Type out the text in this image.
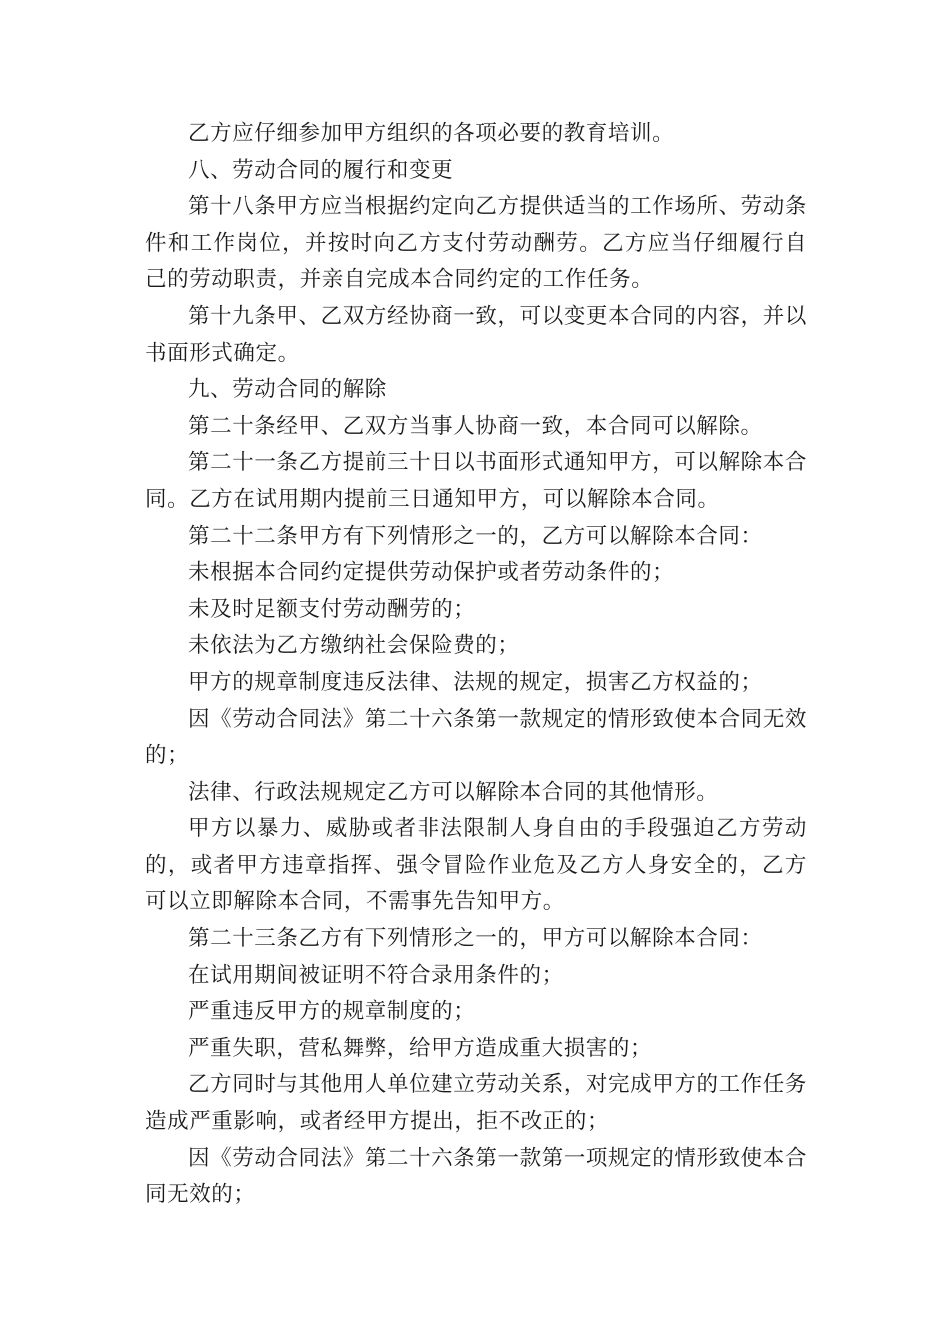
乙方应仔细参加甲方组织的各项必要的教育培训。

八、劳动合同的履行和变更

第十八条甲方应当根据约定向乙方提供适当的工作场所、劳动条件和工作岗位，并按时向乙方支付劳动酬劳。乙方应当仔细履行自己的劳动职责，并亲自完成本合同约定的工作任务。

第十九条甲、乙双方经协商一致，可以变更本合同的内容，并以书面形式确定。

九、劳动合同的解除

第二十条经甲、乙双方当事人协商一致，本合同可以解除。

第二十一条乙方提前三十日以书面形式通知甲方，可以解除本合同。乙方在试用期内提前三日通知甲方，可以解除本合同。

第二十二条甲方有下列情形之一的，乙方可以解除本合同：

未根据本合同约定提供劳动保护或者劳动条件的；

未及时足额支付劳动酬劳的；

未依法为乙方缴纳社会保险费的；

甲方的规章制度违反法律、法规的规定，损害乙方权益的；

因《劳动合同法》第二十六条第一款规定的情形致使本合同无效的；

法律、行政法规规定乙方可以解除本合同的其他情形。

甲方以暴力、威胁或者非法限制人身自由的手段强迫乙方劳动的，或者甲方违章指挥、强令冒险作业危及乙方人身安全的，乙方可以立即解除本合同，不需事先告知甲方。

第二十三条乙方有下列情形之一的，甲方可以解除本合同：

在试用期间被证明不符合录用条件的；

严重违反甲方的规章制度的；

严重失职，营私舞弊，给甲方造成重大损害的；

乙方同时与其他用人单位建立劳动关系，对完成甲方的工作任务造成严重影响，或者经甲方提出，拒不改正的；

因《劳动合同法》第二十六条第一款第一项规定的情形致使本合同无效的；
